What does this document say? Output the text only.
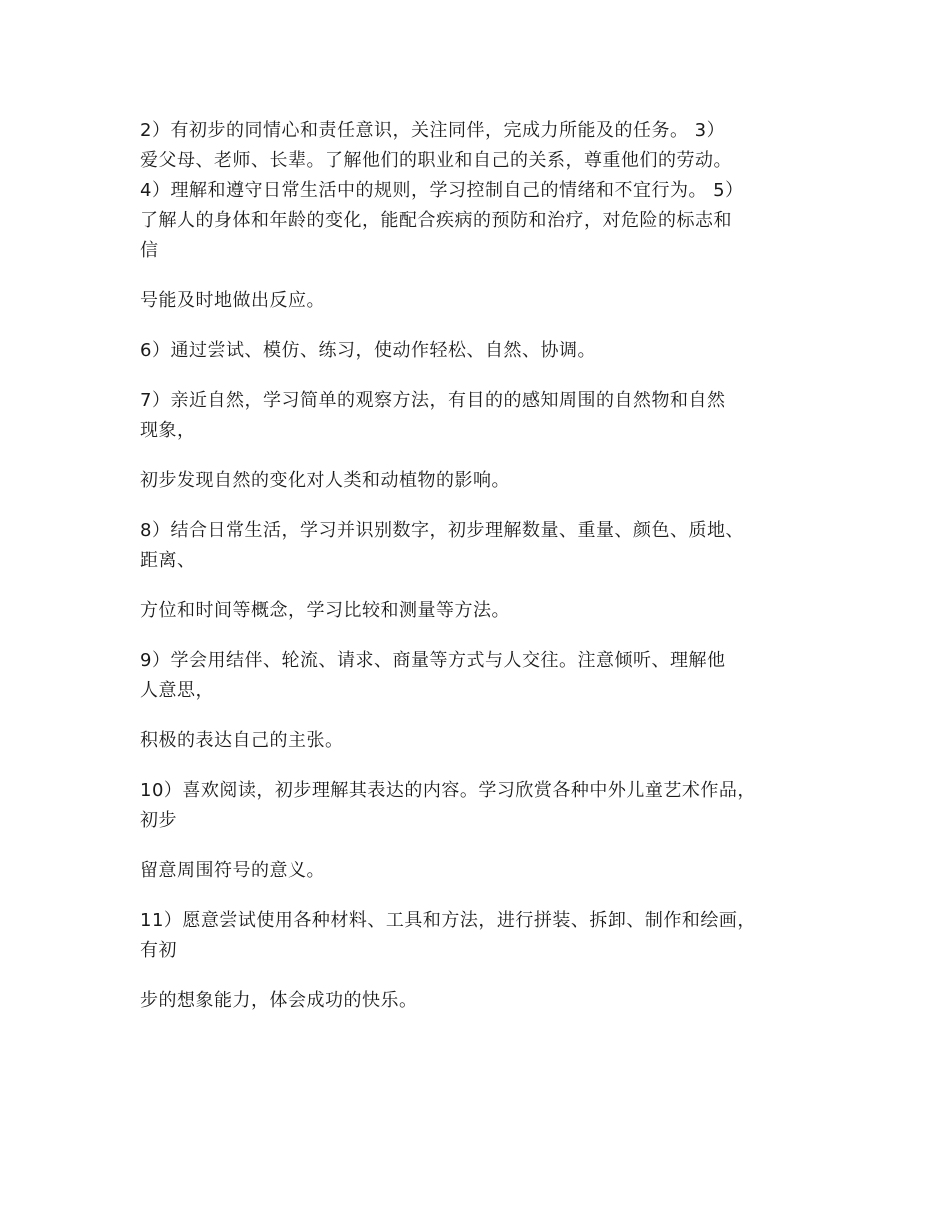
2）有初步的同情心和责任意识，关注同伴，完成力所能及的任务。 3）
爱父母、老师、长辈。了解他们的职业和自己的关系，尊重他们的劳动。
4）理解和遵守日常生活中的规则，学习控制自己的情绪和不宜行为。 5）
了解人的身体和年龄的变化，能配合疾病的预防和治疗，对危险的标志和
信

号能及时地做出反应。

6）通过尝试、模仿、练习，使动作轻松、自然、协调。

7）亲近自然，学习简单的观察方法，有目的的感知周围的自然物和自然
现象，

初步发现自然的变化对人类和动植物的影响。

8）结合日常生活，学习并识别数字，初步理解数量、重量、颜色、质地、
距离、

方位和时间等概念，学习比较和测量等方法。

9）学会用结伴、轮流、请求、商量等方式与人交往。注意倾听、理解他
人意思，

积极的表达自己的主张。

10）喜欢阅读，初步理解其表达的内容。学习欣赏各种中外儿童艺术作品，
初步

留意周围符号的意义。

11）愿意尝试使用各种材料、工具和方法，进行拼装、拆卸、制作和绘画，
有初

步的想象能力，体会成功的快乐。
